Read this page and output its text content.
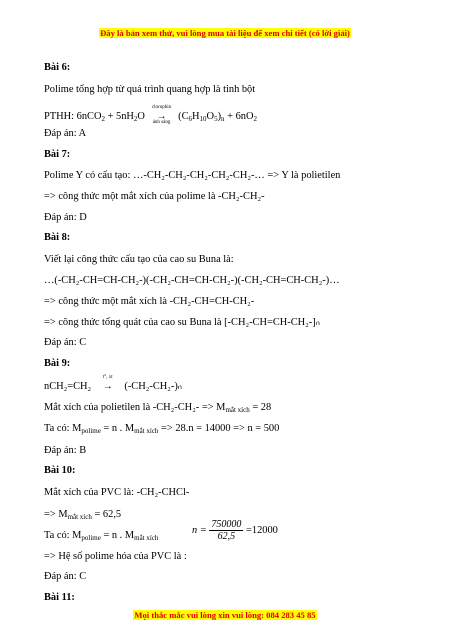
Đây là bản xem thử, vui lòng mua tài liệu để xem chi tiết (có lời giải)
Bài 6:
Polime tổng hợp từ quá trình quang hợp là tinh bột
PTHH: $6nCO_2 + 5nH_2O$
clorophin
→
ánh sáng
$(C_6H_{10}O_5)_n + 6nO_2$
Đáp án: A
Bài 7:
Polime Y có cấu tạo: …-CH₂-CH₂-CH₂-CH₂-CH₂-… => Y là polietilen
=> công thức một mắt xích của polime là -CH₂-CH₂-
Đáp án: D
Bài 8:
Viết lại công thức cấu tạo của cao su Buna là:
…(-CH₂-CH=CH-CH₂-)(-CH₂-CH=CH-CH₂-)(-CH₂-CH=CH-CH₂-)…
=> công thức một mắt xích là -CH₂-CH=CH-CH₂-
=> công thức tổng quát của cao su Buna là [-CH₂-CH=CH-CH₂-]ₙ
Đáp án: C
Bài 9:
nCH₂=CH₂
t°, xt
→ (-CH₂-CH₂-)ₙ
Mắt xích của polietilen là $-CH_2-CH_2- => M_{mắt xích} = 28$
Ta có: $M_{polime} = n$ . $M_{mắt xích} => 28.n = 14000 => n = 500$
Đáp án: B
Bài 10:
Mắt xích của PVC là: -CH₂-CHCl-
=> $M_{mắt xích} = 62,5$
Ta có: $M_{polime} = n$ . $M_{mắt xích}$
$n = \frac{750000}{62,5} =12000$
=> Hệ số polime hóa của PVC là :
Đáp án: C
Bài 11:
Mọi thắc mắc vui lòng xin vui lòng: 084 283 45 85
